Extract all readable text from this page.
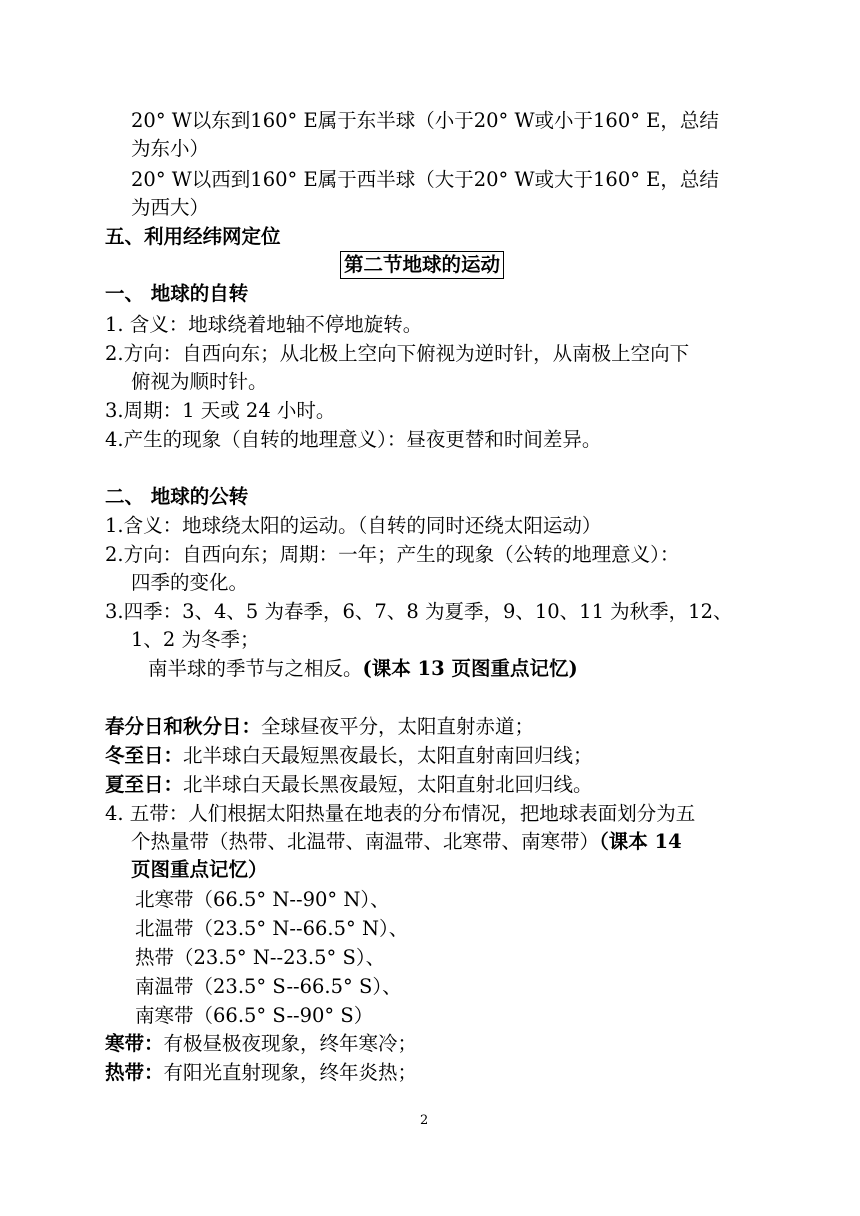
20° W以东到160° E属于东半球（小于20° W或小于160° E，总结
为东小）
20° W以西到160° E属于西半球（大于20° W或大于160° E，总结
为西大）
五、利用经纬网定位
第二节地球的运动
一、 地球的自转
1. 含义：地球绕着地轴不停地旋转。
2.方向：自西向东；从北极上空向下俯视为逆时针，从南极上空向下
俯视为顺时针。
3.周期：1 天或 24 小时。
4.产生的现象（自转的地理意义）：昼夜更替和时间差异。
二、 地球的公转
1.含义：地球绕太阳的运动。（自转的同时还绕太阳运动）
2.方向：自西向东；周期：一年；产生的现象（公转的地理意义）：
四季的变化。
3.四季：3、4、5 为春季，6、7、8 为夏季，9、10、11 为秋季，12、
1、2 为冬季；
南半球的季节与之相反。(课本 13 页图重点记忆)
春分日和秋分日：全球昼夜平分，太阳直射赤道；
冬至日：北半球白天最短黑夜最长，太阳直射南回归线；
夏至日：北半球白天最长黑夜最短，太阳直射北回归线。
4. 五带：人们根据太阳热量在地表的分布情况，把地球表面划分为五
个热量带（热带、北温带、南温带、北寒带、南寒带）（课本 14
页图重点记忆）
北寒带（66.5° N--90° N）、
北温带（23.5° N--66.5° N）、
热带（23.5° N--23.5° S）、
南温带（23.5° S--66.5° S）、
南寒带（66.5° S--90° S）
寒带：有极昼极夜现象，终年寒冷；
热带：有阳光直射现象，终年炎热；
2
